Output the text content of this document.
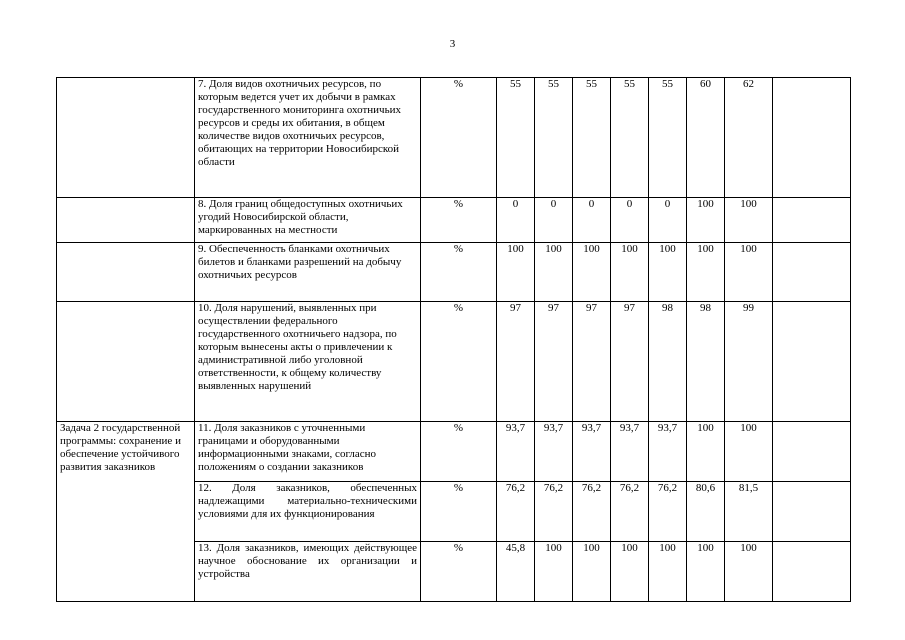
3

	7. Доля видов охотничьих ресурсов, по которым ведется учет их добычи в рамках государственного мониторинга охотничьих ресурсов и среды их обитания, в общем количестве видов охотничьих ресурсов, обитающих на территории Новосибирской области	%	55	55	55	55	55	60	62	

	8. Доля границ общедоступных охотничьих угодий Новосибирской области, маркированных на местности	%	0	0	0	0	0	100	100	

	9. Обеспеченность бланками охотничьих билетов и бланками разрешений на добычу охотничьих ресурсов	%	100	100	100	100	100	100	100	

	10. Доля нарушений, выявленных при осуществлении федерального государственного охотничьего надзора, по которым вынесены акты о привлечении к административной либо уголовной ответственности, к общему количеству выявленных нарушений	%	97	97	97	97	98	98	99	

Задача 2 государственной программы: сохранение и обеспечение устойчивого развития заказников	11. Доля заказников с уточненными границами и оборудованными информационными знаками, согласно положениям о создании заказников	%	93,7	93,7	93,7	93,7	93,7	100	100	

	12. Доля заказников, обеспеченных надлежащими материально-техническими условиями для их функционирования	%	76,2	76,2	76,2	76,2	76,2	80,6	81,5	

	13. Доля заказников, имеющих действующее научное обоснование их организации и устройства	%	45,8	100	100	100	100	100	100	
